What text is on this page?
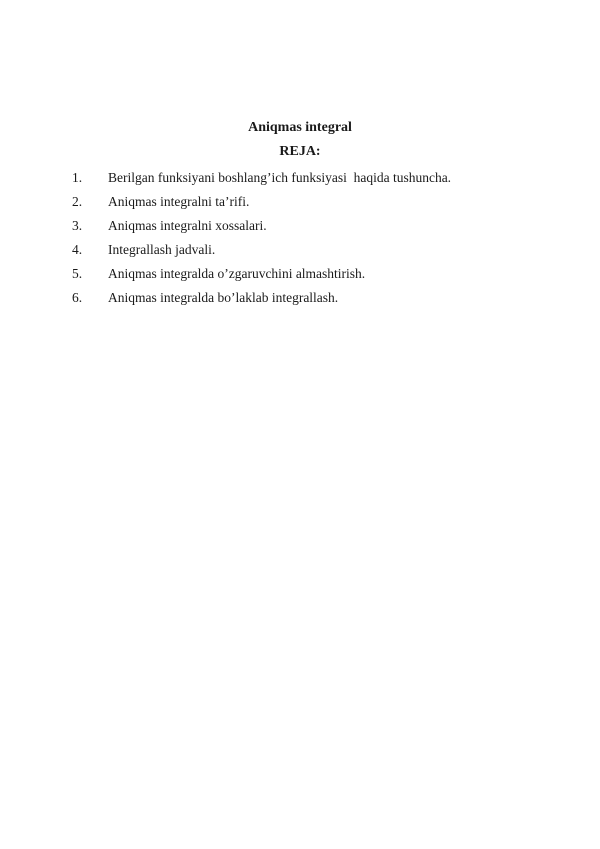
Aniqmas integral
REJA:
1.	Berilgan funksiyani boshlang’ich funksiyasi  haqida tushuncha.
2.	Aniqmas integralni ta’rifi.
3.	Aniqmas integralni xossalari.
4.	Integrallash jadvali.
5.	Aniqmas integralda o’zgaruvchini almashtirish.
6.	Aniqmas integralda bo’laklab integrallash.
